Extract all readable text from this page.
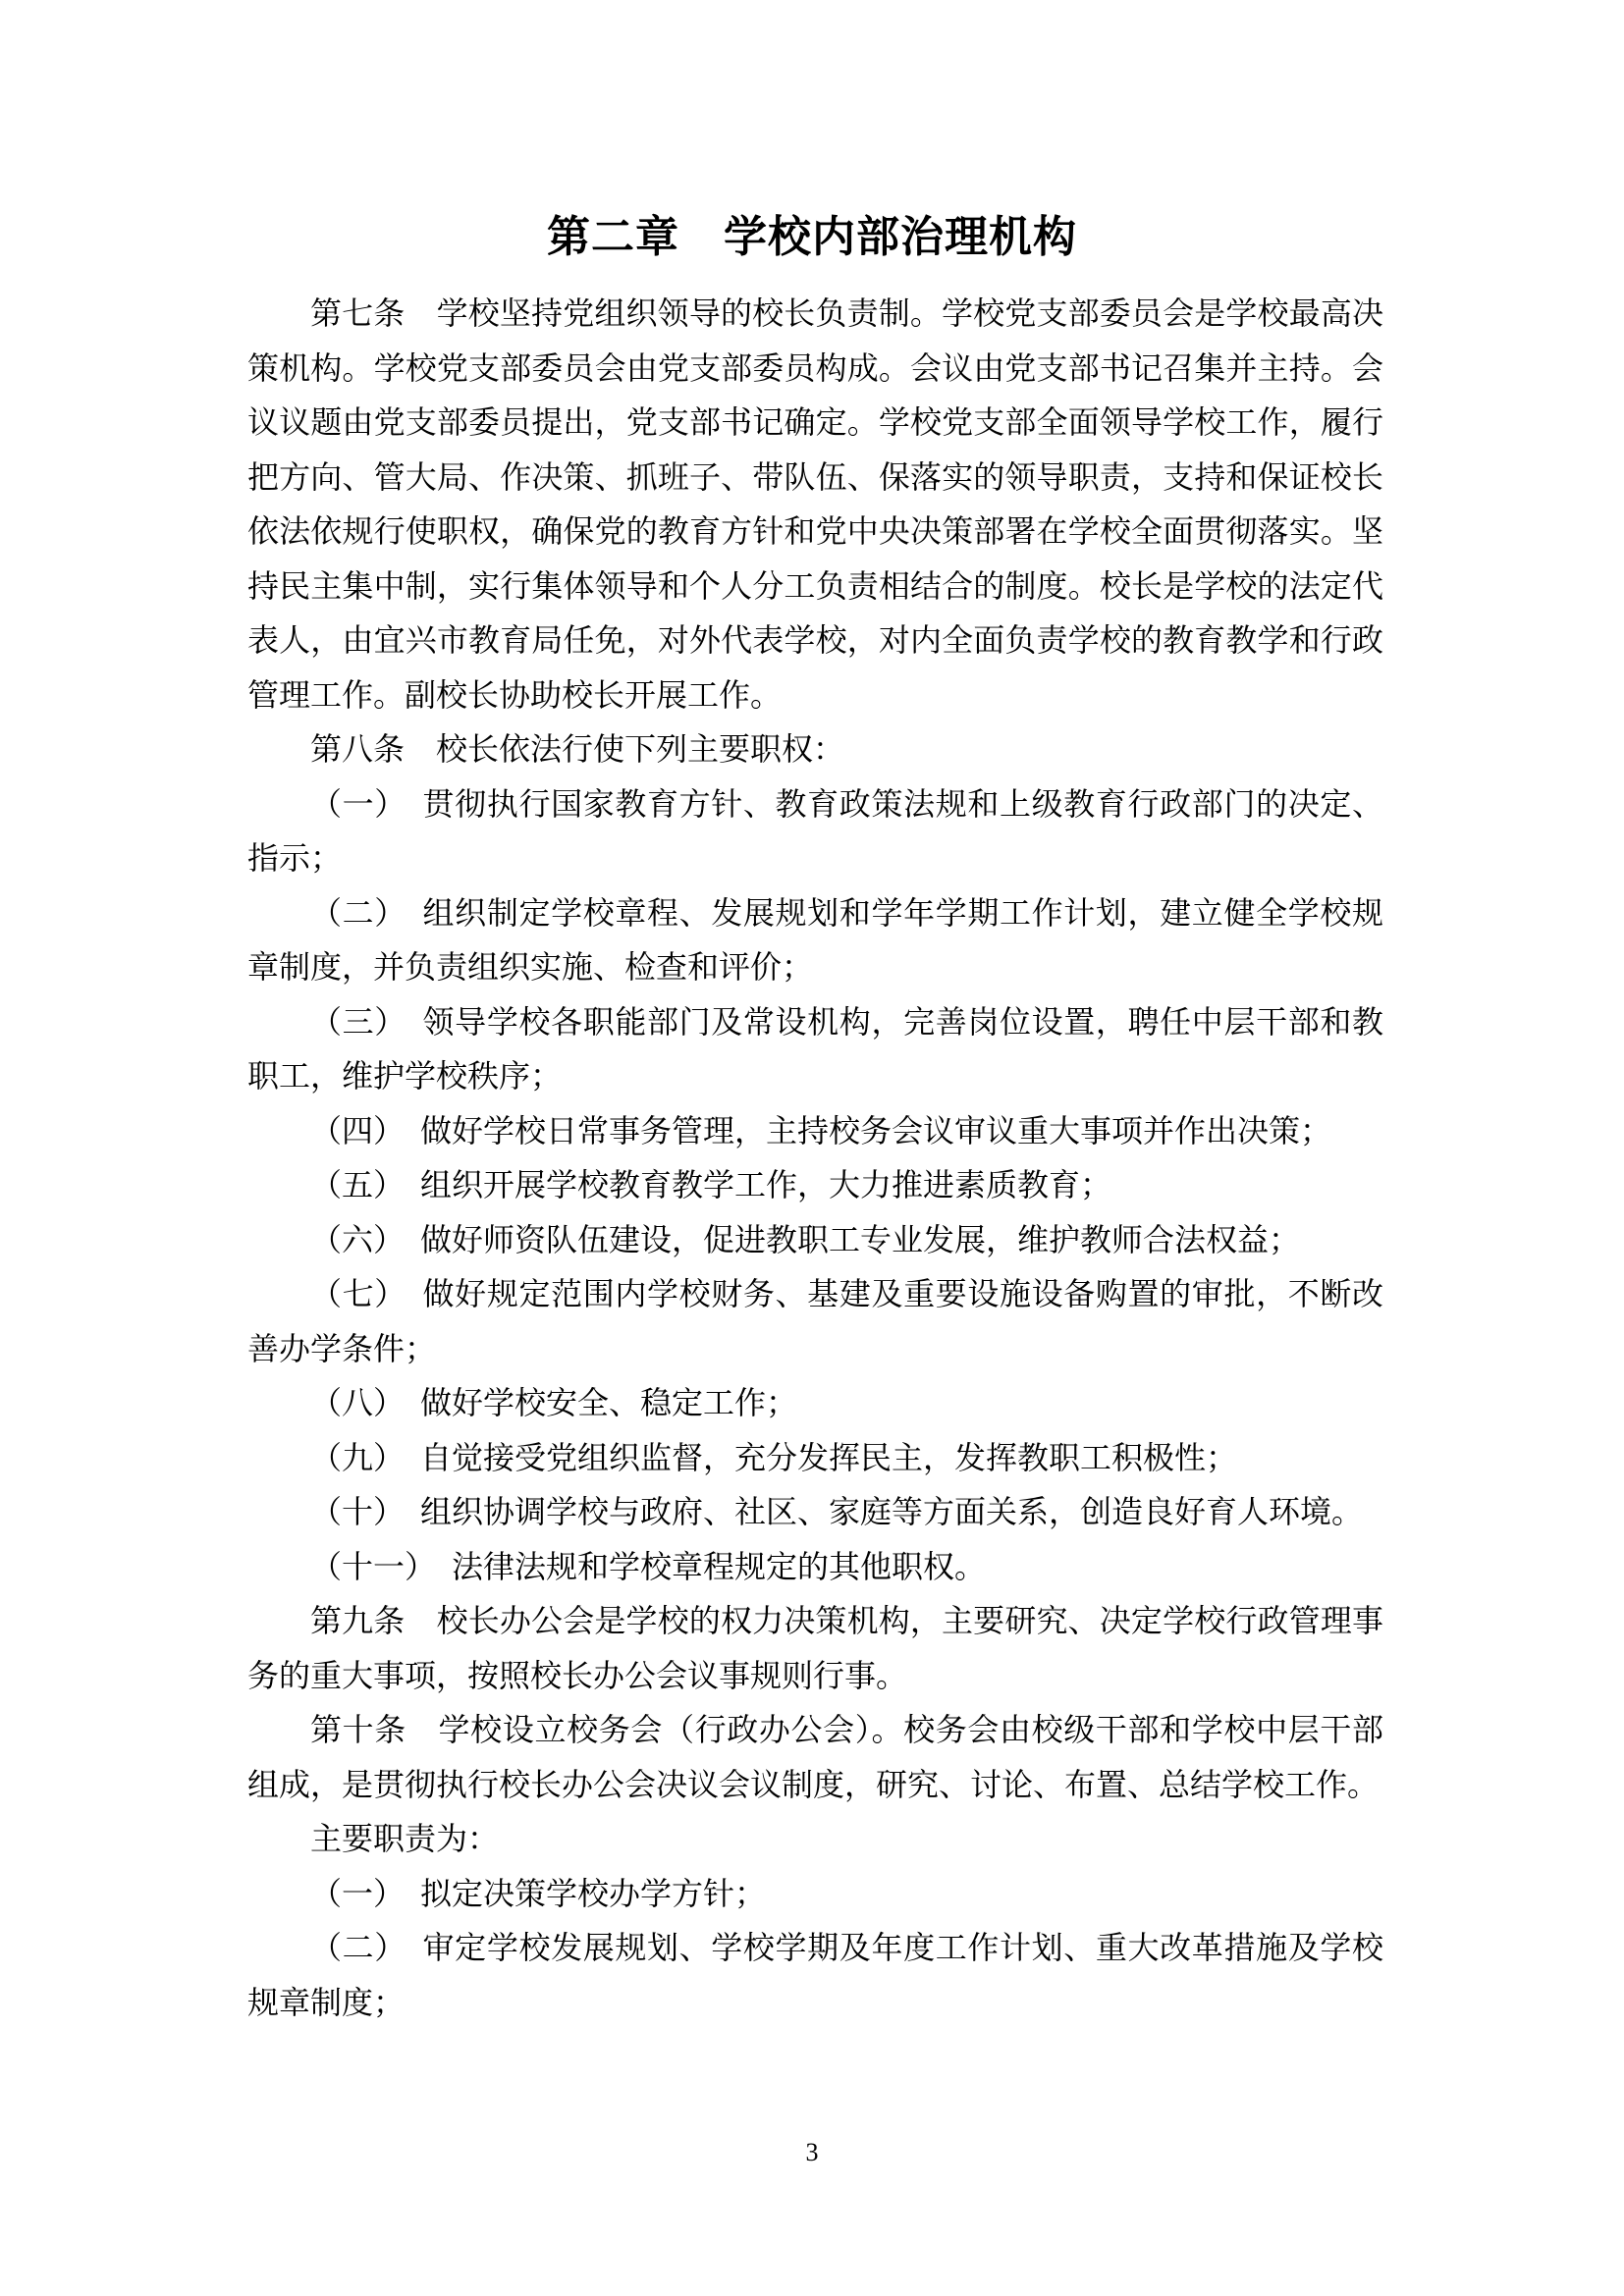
第二章　学校内部治理机构

第七条　学校坚持党组织领导的校长负责制。学校党支部委员会是学校最高决策机构。学校党支部委员会由党支部委员构成。会议由党支部书记召集并主持。会议议题由党支部委员提出，党支部书记确定。学校党支部全面领导学校工作，履行把方向、管大局、作决策、抓班子、带队伍、保落实的领导职责，支持和保证校长依法依规行使职权，确保党的教育方针和党中央决策部署在学校全面贯彻落实。坚持民主集中制，实行集体领导和个人分工负责相结合的制度。校长是学校的法定代表人，由宜兴市教育局任免，对外代表学校，对内全面负责学校的教育教学和行政管理工作。副校长协助校长开展工作。

第八条　校长依法行使下列主要职权：

（一）　贯彻执行国家教育方针、教育政策法规和上级教育行政部门的决定、指示；

（二）　组织制定学校章程、发展规划和学年学期工作计划，建立健全学校规章制度，并负责组织实施、检查和评价；

（三）　领导学校各职能部门及常设机构，完善岗位设置，聘任中层干部和教职工，维护学校秩序；

（四）　做好学校日常事务管理，主持校务会议审议重大事项并作出决策；

（五）　组织开展学校教育教学工作，大力推进素质教育；

（六）　做好师资队伍建设，促进教职工专业发展，维护教师合法权益；

（七）　做好规定范围内学校财务、基建及重要设施设备购置的审批，不断改善办学条件；

（八）　做好学校安全、稳定工作；

（九）　自觉接受党组织监督，充分发挥民主，发挥教职工积极性；

（十）　组织协调学校与政府、社区、家庭等方面关系，创造良好育人环境。

（十一）　法律法规和学校章程规定的其他职权。

第九条　校长办公会是学校的权力决策机构，主要研究、决定学校行政管理事务的重大事项，按照校长办公会议事规则行事。

第十条　学校设立校务会（行政办公会）。校务会由校级干部和学校中层干部组成，是贯彻执行校长办公会决议会议制度，研究、讨论、布置、总结学校工作。

主要职责为：

（一）　拟定决策学校办学方针；

（二）　审定学校发展规划、学校学期及年度工作计划、重大改革措施及学校规章制度；

3
